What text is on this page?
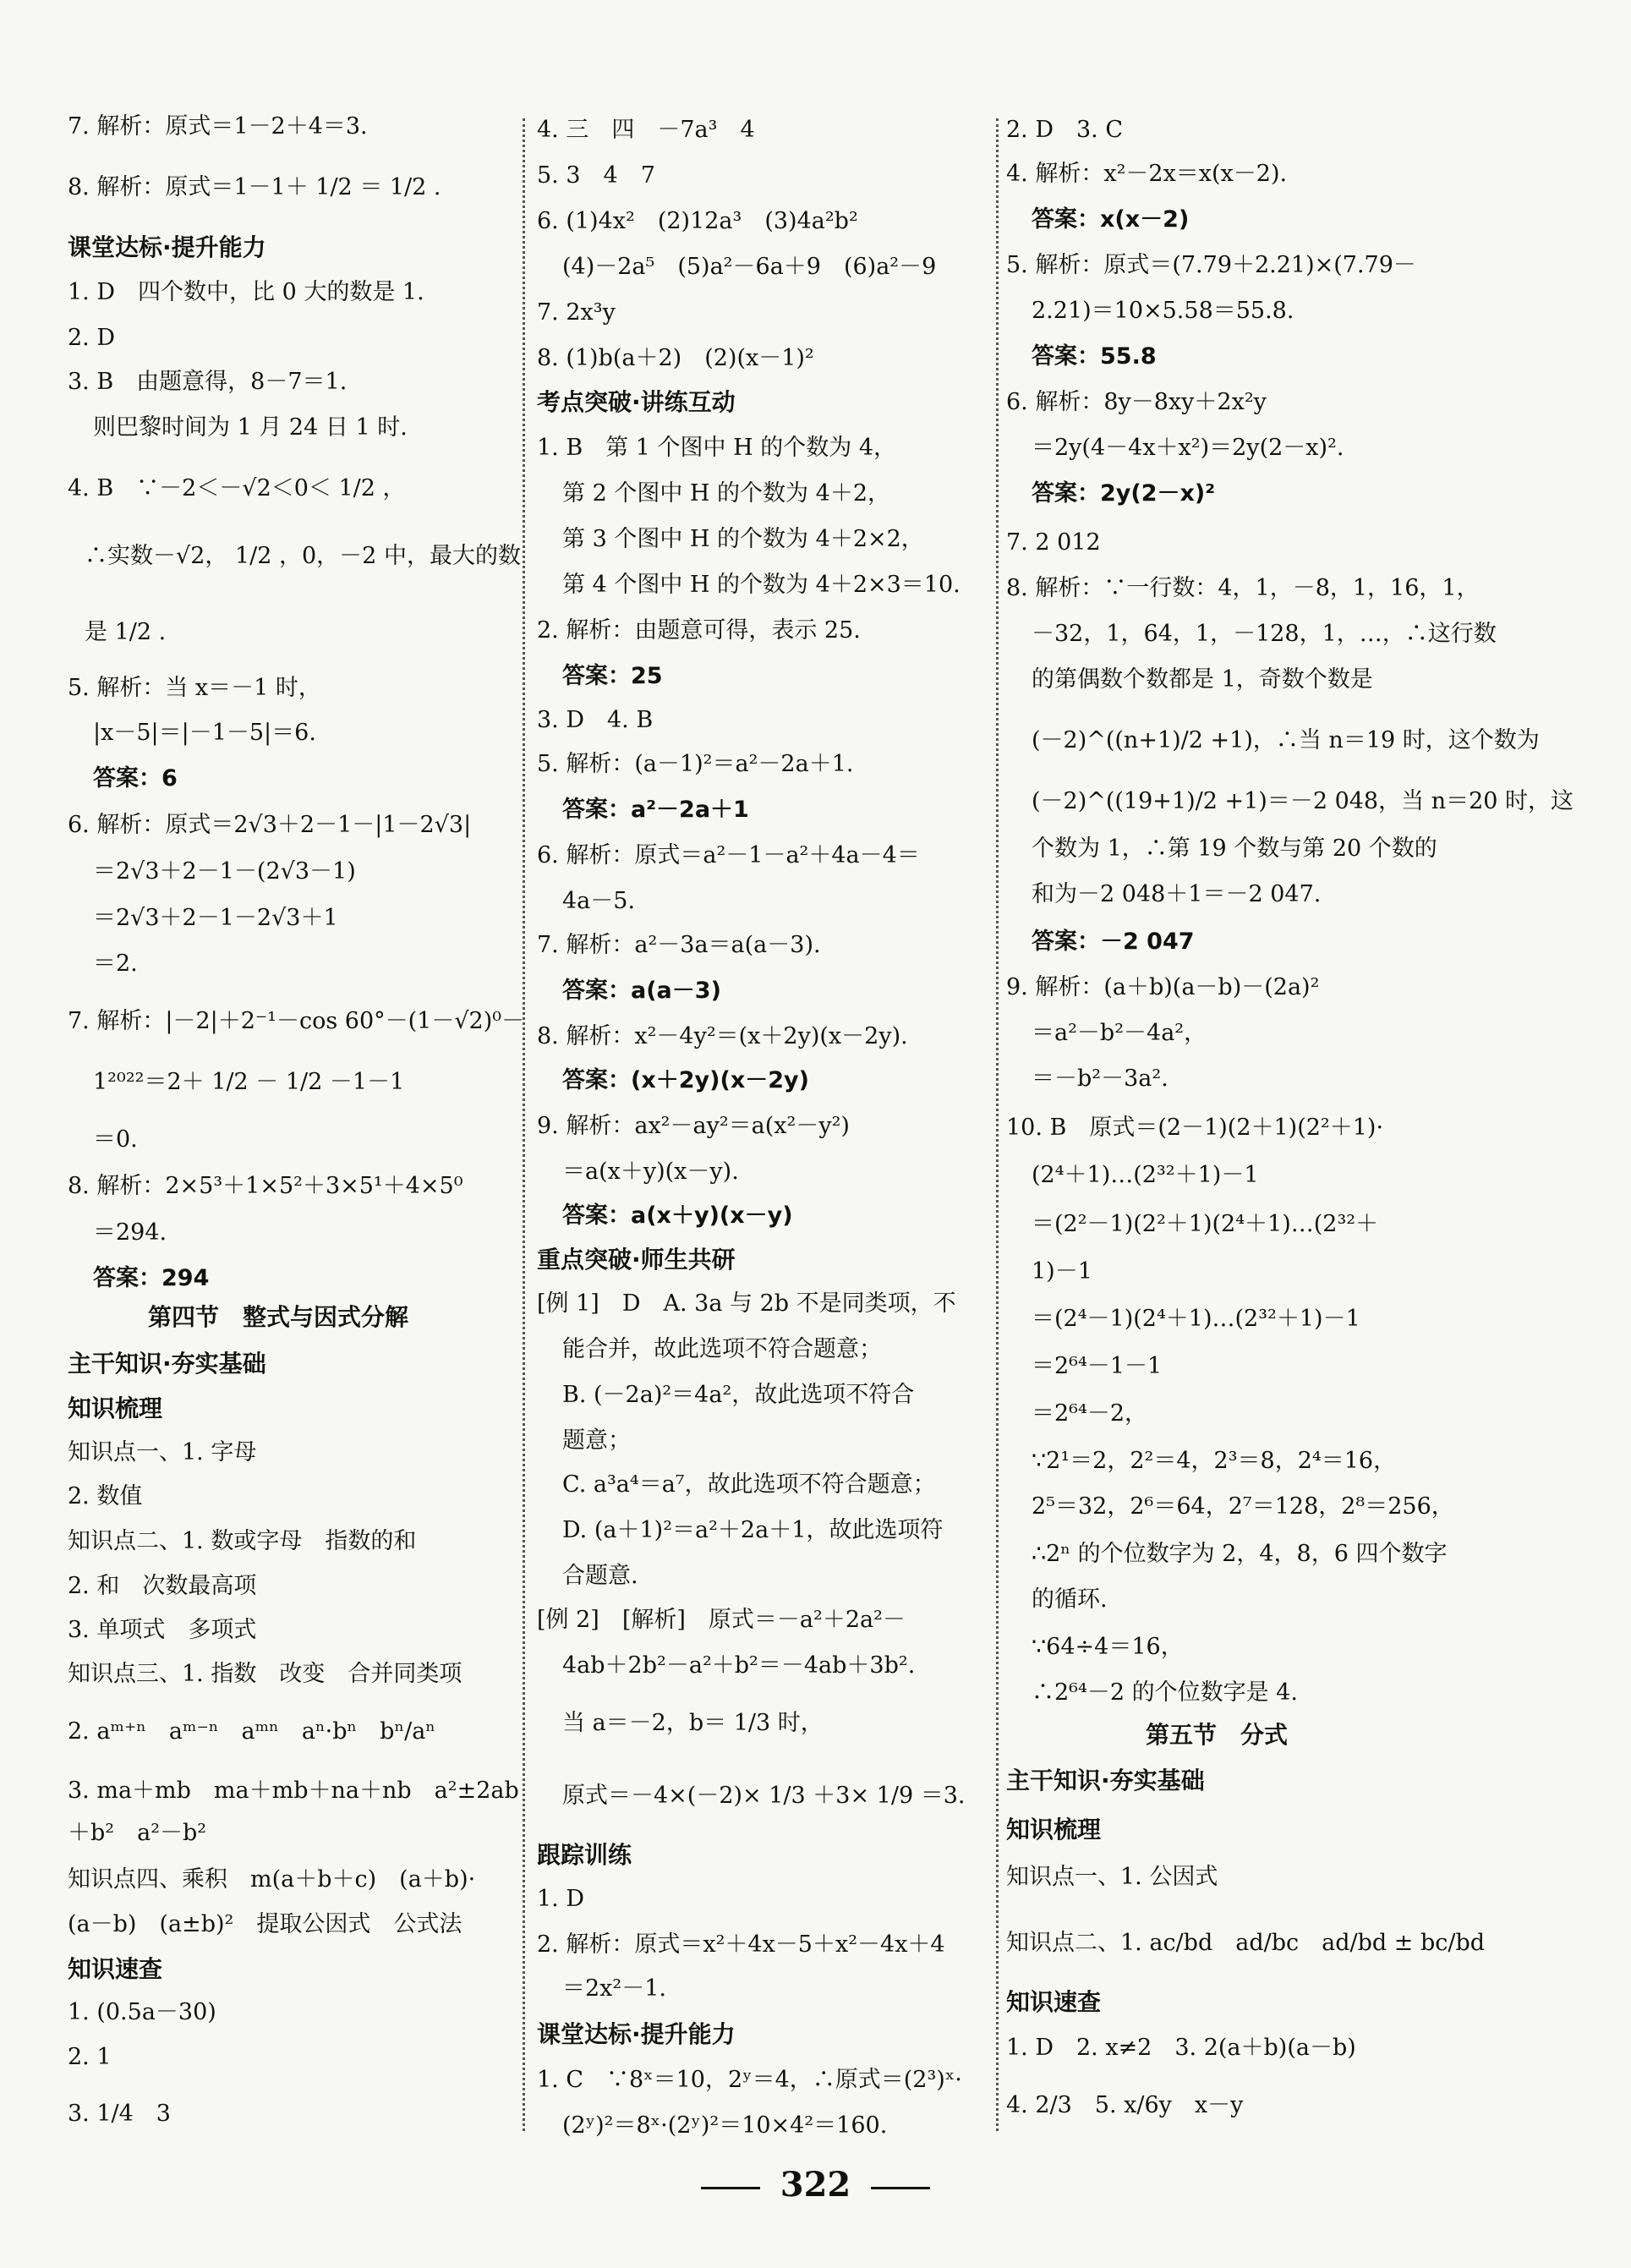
7. 解析：原式＝1－2＋4＝3.
8. 解析：原式＝1－1＋ 1/2 ＝ 1/2 .
课堂达标·提升能力
1. D　四个数中，比 0 大的数是 1.
2. D
3. B　由题意得，8－7＝1.
则巴黎时间为 1 月 24 日 1 时.
4. B　∵－2＜－√2＜0＜ 1/2 ，
∴实数－√2， 1/2 ，0，－2 中，最大的数
是 1/2 .
5. 解析：当 x＝－1 时，
|x－5|＝|－1－5|＝6.
答案：6
6. 解析：原式＝2√3＋2－1－|1－2√3|
＝2√3＋2－1－(2√3－1)
＝2√3＋2－1－2√3＋1
＝2.
7. 解析：|－2|＋2⁻¹－cos 60°－(1－√2)⁰－
1²⁰²²＝2＋ 1/2 － 1/2 －1－1
＝0.
8. 解析：2×5³＋1×5²＋3×5¹＋4×5⁰
＝294.
答案：294
第四节　整式与因式分解
主干知识·夯实基础
知识梳理
知识点一、1. 字母
2. 数值
知识点二、1. 数或字母　指数的和
2. 和　次数最高项
3. 单项式　多项式
知识点三、1. 指数　改变　合并同类项
2. aᵐ⁺ⁿ　aᵐ⁻ⁿ　aᵐⁿ　aⁿ·bⁿ　bⁿ/aⁿ
3. ma＋mb　ma＋mb＋na＋nb　a²±2ab
＋b²　a²－b²
知识点四、乘积　m(a＋b＋c)　(a＋b)·
(a－b)　(a±b)²　提取公因式　公式法
知识速查
1. (0.5a－30)
2. 1
3. 1/4　3
4. 三　四　－7a³　4
5. 3　4　7
6. (1)4x²　(2)12a³　(3)4a²b²
(4)－2a⁵　(5)a²－6a＋9　(6)a²－9
7. 2x³y
8. (1)b(a＋2)　(2)(x－1)²
考点突破·讲练互动
1. B　第 1 个图中 H 的个数为 4，
第 2 个图中 H 的个数为 4＋2，
第 3 个图中 H 的个数为 4＋2×2，
第 4 个图中 H 的个数为 4＋2×3＝10.
2. 解析：由题意可得，表示 25.
答案：25
3. D　4. B
5. 解析：(a－1)²＝a²－2a＋1.
答案：a²－2a＋1
6. 解析：原式＝a²－1－a²＋4a－4＝
4a－5.
7. 解析：a²－3a＝a(a－3).
答案：a(a－3)
8. 解析：x²－4y²＝(x＋2y)(x－2y).
答案：(x＋2y)(x－2y)
9. 解析：ax²－ay²＝a(x²－y²)
＝a(x＋y)(x－y).
答案：a(x＋y)(x－y)
重点突破·师生共研
[例 1]　D　A. 3a 与 2b 不是同类项，不
能合并，故此选项不符合题意；
B. (－2a)²＝4a²，故此选项不符合
题意；
C. a³a⁴＝a⁷，故此选项不符合题意；
D. (a＋1)²＝a²＋2a＋1，故此选项符
合题意.
[例 2]　[解析]　原式＝－a²＋2a²－
4ab＋2b²－a²＋b²＝－4ab＋3b².
当 a＝－2，b＝ 1/3 时，
原式＝－4×(－2)× 1/3 ＋3× 1/9 ＝3.
跟踪训练
1. D
2. 解析：原式＝x²＋4x－5＋x²－4x＋4
＝2x²－1.
课堂达标·提升能力
1. C　∵8ˣ＝10，2ʸ＝4，∴原式＝(2³)ˣ·
(2ʸ)²＝8ˣ·(2ʸ)²＝10×4²＝160.
2. D　3. C
4. 解析：x²－2x＝x(x－2).
答案：x(x－2)
5. 解析：原式＝(7.79＋2.21)×(7.79－
2.21)＝10×5.58＝55.8.
答案：55.8
6. 解析：8y－8xy＋2x²y
＝2y(4－4x＋x²)＝2y(2－x)².
答案：2y(2－x)²
7. 2 012
8. 解析：∵一行数：4，1，－8，1，16，1，
－32，1，64，1，－128，1，…，∴这行数
的第偶数个数都是 1，奇数个数是
(－2)^((n+1)/2 +1)，∴当 n＝19 时，这个数为
(－2)^((19+1)/2 +1)＝－2 048，当 n＝20 时，这
个数为 1，∴第 19 个数与第 20 个数的
和为－2 048＋1＝－2 047.
答案：－2 047
9. 解析：(a＋b)(a－b)－(2a)²
＝a²－b²－4a²，
＝－b²－3a².
10. B　原式＝(2－1)(2＋1)(2²＋1)·
(2⁴＋1)…(2³²＋1)－1
＝(2²－1)(2²＋1)(2⁴＋1)…(2³²＋
1)－1
＝(2⁴－1)(2⁴＋1)…(2³²＋1)－1
＝2⁶⁴－1－1
＝2⁶⁴－2，
∵2¹＝2，2²＝4，2³＝8，2⁴＝16，
2⁵＝32，2⁶＝64，2⁷＝128，2⁸＝256，
∴2ⁿ 的个位数字为 2，4，8，6 四个数字
的循环.
∵64÷4＝16，
∴2⁶⁴－2 的个位数字是 4.
第五节　分式
主干知识·夯实基础
知识梳理
知识点一、1. 公因式
知识点二、1. ac/bd　ad/bc　ad/bd ± bc/bd
知识速查
1. D　2. x≠2　3. 2(a＋b)(a－b)
4. 2/3　5. x/6y　x－y
322
